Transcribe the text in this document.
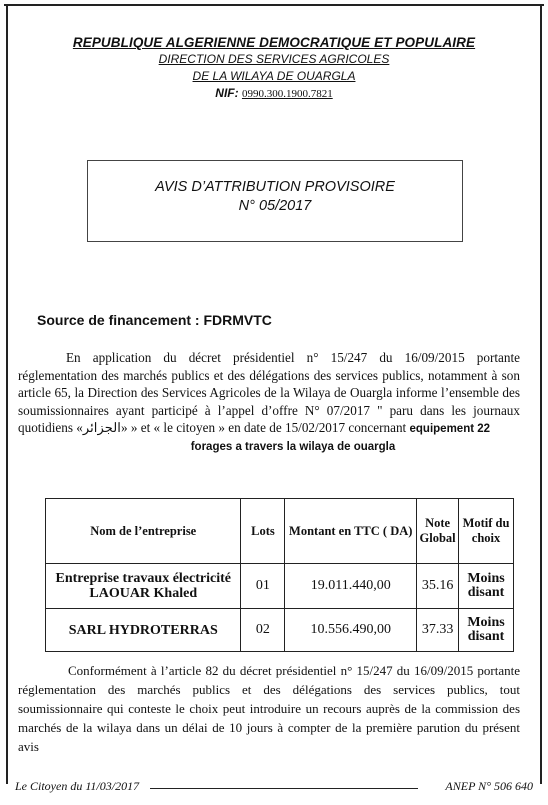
REPUBLIQUE ALGERIENNE DEMOCRATIQUE ET POPULAIRE
DIRECTION DES SERVICES AGRICOLES
DE LA WILAYA DE OUARGLA
NIF: 0990.300.1900.7821
AVIS D’ATTRIBUTION PROVISOIRE
N° 05/2017
Source de financement : FDRMVTC
En application du décret présidentiel n° 15/247 du 16/09/2015 portante réglementation des marchés publics et des délégations des services publics, notamment à son article 65, la Direction des Services Agricoles de la Wilaya de Ouargla informe l’ensemble des soumissionnaires ayant participé à l’appel d’offre N° 07/2017 " paru dans les journaux quotidiens «الجزائر» » et « le citoyen » en date de 15/02/2017 concernant equipement 22
forages a travers la wilaya de ouargla
Nom de l’entreprise	Lots	Montant en TTC ( DA)	Note Global	Motif du choix
Entreprise travaux électricité LAOUAR Khaled	01	19.011.440,00	35.16	Moins disant
SARL HYDROTERRAS	02	10.556.490,00	37.33	Moins disant
Conformément à l’article 82 du décret présidentiel n° 15/247 du 16/09/2015 portante réglementation des marchés publics et des délégations des services publics, tout soumissionnaire qui conteste le choix peut introduire un recours auprès de la commission des marchés de la wilaya dans un délai de 10 jours à compter de la première parution du présent avis
Le Citoyen du 11/03/2017	ANEP N° 506 640
